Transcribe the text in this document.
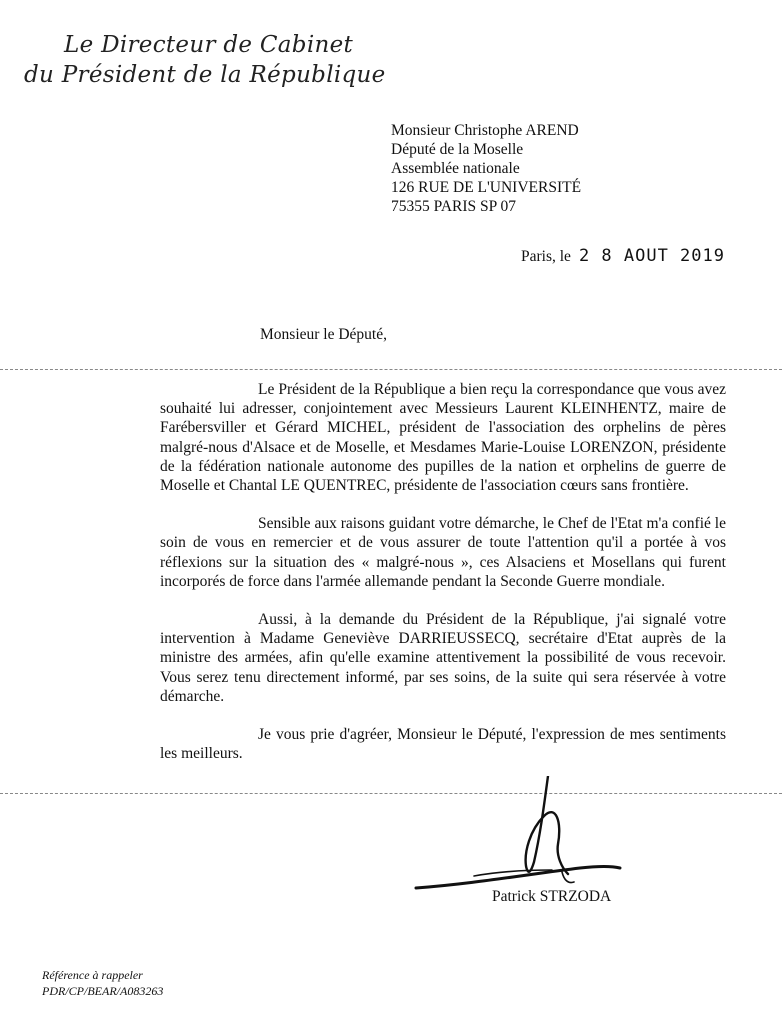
Le Directeur de Cabinet
du Président de la République
Monsieur Christophe AREND
Député de la Moselle
Assemblée nationale
126 RUE DE L'UNIVERSITÉ
75355 PARIS SP 07
Paris, le 2 8 AOUT 2019
Monsieur le Député,

Le Président de la République a bien reçu la correspondance que vous avez souhaité lui adresser, conjointement avec Messieurs Laurent KLEINHENTZ, maire de Farébersviller et Gérard MICHEL, président de l'association des orphelins de pères malgré-nous d'Alsace et de Moselle, et Mesdames Marie-Louise LORENZON, présidente de la fédération nationale autonome des pupilles de la nation et orphelins de guerre de Moselle et Chantal LE QUENTREC, présidente de l'association cœurs sans frontière.

Sensible aux raisons guidant votre démarche, le Chef de l'Etat m'a confié le soin de vous en remercier et de vous assurer de toute l'attention qu'il a portée à vos réflexions sur la situation des « malgré-nous », ces Alsaciens et Mosellans qui furent incorporés de force dans l'armée allemande pendant la Seconde Guerre mondiale.

Aussi, à la demande du Président de la République, j'ai signalé votre intervention à Madame Geneviève DARRIEUSSECQ, secrétaire d'Etat auprès de la ministre des armées, afin qu'elle examine attentivement la possibilité de vous recevoir. Vous serez tenu directement informé, par ses soins, de la suite qui sera réservée à votre démarche.

Je vous prie d'agréer, Monsieur le Député, l'expression de mes sentiments les meilleurs.

Patrick STRZODA
Référence à rappeler
PDR/CP/BEAR/A083263
